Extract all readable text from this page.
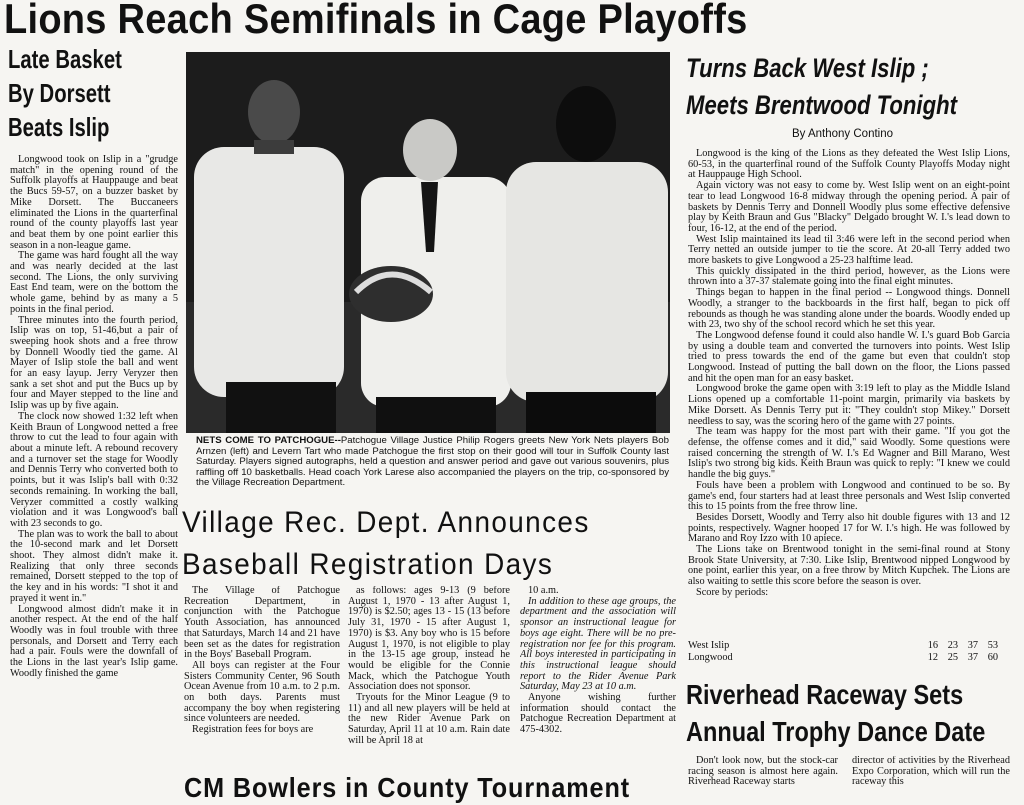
Lions Reach Semifinals in Cage Playoffs
Late Basket
By Dorsett
Beats Islip

Longwood took on Islip in a "grudge match" in the opening round of the Suffolk playoffs at Hauppauge and beat the Bucs 59-57, on a buzzer basket by Mike Dorsett. The Buccaneers eliminated the Lions in the quarterfinal round of the county playoffs last year and beat them by one point earlier this season in a non-league game.

The game was hard fought all the way and was nearly decided at the last second. The Lions, the only surviving East End team, were on the bottom the whole game, behind by as many a 5 points in the final period.

Three minutes into the fourth period, Islip was on top, 51-46,but a pair of sweeping hook shots and a free throw by Donnell Woodly tied the game. Al Mayer of Islip stole the ball and went for an easy layup. Jerry Veryzer then sank a set shot and put the Bucs up by four and Mayer stepped to the line and Islip was up by five again.

The clock now showed 1:32 left when Keith Braun of Longwood netted a free throw to cut the lead to four again with about a minute left. A rebound recovery and a turnover set the stage for Woodly and Dennis Terry who converted both to points, but it was Islip's ball with 0:32 seconds remaining. In working the ball, Veryzer committed a costly walking violation and it was Longwood's ball with 23 seconds to go.

The plan was to work the ball to about the 10-second mark and let Dorsett shoot. They almost didn't make it. Realizing that only three seconds remained, Dorsett stepped to the top of the key and in his words: "I shot it and prayed it went in."

Longwood almost didn't make it in another respect. At the end of the half Woodly was in foul trouble with three personals, and Dorsett and Terry each had a pair. Fouls were the downfall of the Lions in the last year's Islip game. Woodly finished the game

NETS COME TO PATCHOGUE--Patchogue Village Justice Philip Rogers greets New York Nets players Bob Arnzen (left) and Levern Tart who made Patchogue the first stop on their good will tour in Suffolk County last Saturday. Players signed autographs, held a question and answer period and gave out various souvenirs, plus raffling off 10 basketballs. Head coach York Larese also accompanied the players on the trip, co-sponsored by the Village Recreation Department.
Turns Back West Islip ;
Meets Brentwood Tonight
By Anthony Contino

Longwood is the king of the Lions as they defeated the West Islip Lions, 60-53, in the quarterfinal round of the Suffolk County Playoffs Moday night at Hauppauge High School.

Again victory was not easy to come by. West Islip went on an eight-point tear to lead Longwood 16-8 midway through the opening period. A pair of baskets by Dennis Terry and Donnell Woodly plus some effective defensive play by Keith Braun and Gus "Blacky" Delgado brought W. I.'s lead down to four, 16-12, at the end of the period.

West Islip maintained its lead til 3:46 were left in the second period when Terry netted an outside jumper to tie the score. At 20-all Terry added two more baskets to give Longwood a 25-23 halftime lead.

This quickly dissipated in the third period, however, as the Lions were thrown into a 37-37 stalemate going into the final eight minutes.

Things began to happen in the final period -- Longwood things. Donnell Woodly, a stranger to the backboards in the first half, began to pick off rebounds as though he was standing alone under the boards. Woodly ended up with 23, two shy of the school record which he set this year.

The Longwood defense found it could also handle W. I.'s guard Bob Garcia by using a double team and converted the turnovers into points. West Islip tried to press towards the end of the game but even that couldn't stop Longwood. Instead of putting the ball down on the floor, the Lions passed and hit the open man for an easy basket.

Longwood broke the game open with 3:19 left to play as the Middle Island Lions opened up a comfortable 11-point margin, primarily via baskets by Mike Dorsett. As Dennis Terry put it: "They couldn't stop Mikey." Dorsett needless to say, was the scoring hero of the game with 27 points.

The team was happy for the most part with their game. "If you got the defense, the offense comes and it did," said Woodly. Some questions were raised concerning the strength of W. I.'s Ed Wagner and Bill Marano, West Islip's two strong big kids. Keith Braun was quick to reply: "I knew we could handle the big guys."

Fouls have been a problem with Longwood and continued to be so. By game's end, four starters had at least three personals and West Islip converted this to 15 points from the free throw line.

Besides Dorsett, Woodly and Terry also hit double figures with 13 and 12 points, respectively. Wagner hooped 17 for W. I.'s high. He was followed by Marano and Roy Izzo with 10 apiece.

The Lions take on Brentwood tonight in the semi-final round at Stony Brook State University, at 7:30. Like Islip, Brentwood nipped Longwood by one point, earlier this year, on a free throw by Mitch Kupchek. The Lions are also waiting to settle this score before the season is over.

Score by periods:

West Islip	16 23 37 53
Longwood	12 25 37 60
Village Rec. Dept. Announces
Baseball Registration Days

The Village of Patchogue Recreation Department, in conjunction with the Patchogue Youth Association, has announced that Saturdays, March 14 and 21 have been set as the dates for registration in the Boys' Baseball Program.

All boys can register at the Four Sisters Community Center, 96 South Ocean Avenue from 10 a.m. to 2 p.m. on both days. Parents must accompany the boy when registering since volunteers are needed.

Registration fees for boys are

as follows: ages 9-13 (9 before August 1, 1970 - 13 after August 1, 1970) is $2.50; ages 13 - 15 (13 before July 31, 1970 - 15 after August 1, 1970) is $3. Any boy who is 15 before August 1, 1970, is not eligible to play in the 13-15 age group, instead he would be eligible for the Connie Mack, which the Patchogue Youth Association does not sponsor.

Tryouts for the Minor League (9 to 11) and all new players will be held at the new Rider Avenue Park on Saturday, April 11 at 10 a.m. Rain date will be April 18 at

10 a.m.

In addition to these age groups, the department and the association will sponsor an instructional league for boys age eight. There will be no pre-registration nor fee for this program. All boys interested in participating in this instructional league should report to the Rider Avenue Park Saturday, May 23 at 10 a.m.

Anyone wishing further information should contact the Patchogue Recreation Department at 475-4302.

Riverhead Raceway Sets
Annual Trophy Dance Date

Don't look now, but the stock-car racing season is almost here again. Riverhead Raceway starts

director of activities by the Riverhead Expo Corporation, which will run the raceway this

CM Bowlers in County Tournament
